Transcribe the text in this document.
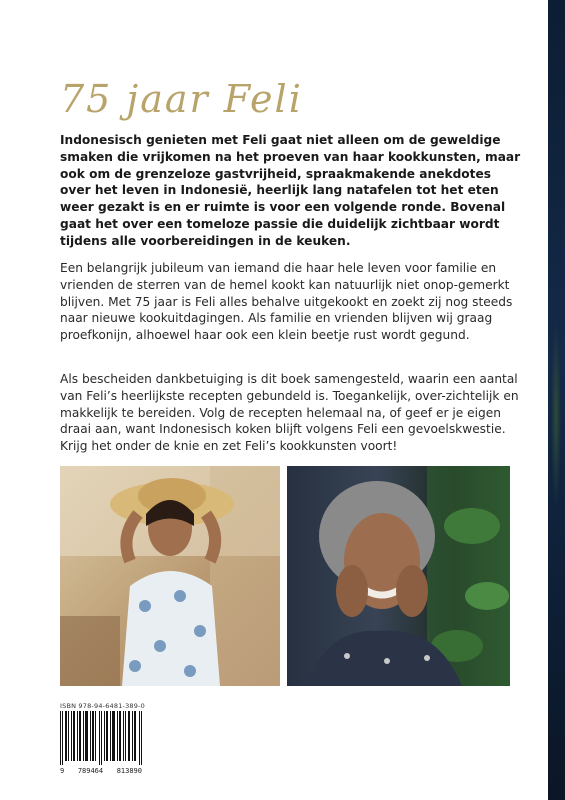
75 jaar Feli

Indonesisch genieten met Feli gaat niet alleen om de geweldige smaken die vrijkomen na het proeven van haar kookkunsten, maar ook om de grenzeloze gastvrijheid, spraakmakende anekdotes over het leven in Indonesië, heerlijk lang natafelen tot het eten weer gezakt is en er ruimte is voor een volgende ronde. Bovenal gaat het over een tomeloze passie die duidelijk zichtbaar wordt tijdens alle voorbereidingen in de keuken.

Een belangrijk jubileum van iemand die haar hele leven voor familie en vrienden de sterren van de hemel kookt kan natuurlijk niet onop-gemerkt blijven. Met 75 jaar is Feli alles behalve uitgekookt en zoekt zij nog steeds naar nieuwe kookuitdagingen. Als familie en vrienden blijven wij graag proefkonijn, alhoewel haar ook een klein beetje rust wordt gegund.

Als bescheiden dankbetuiging is dit boek samengesteld, waarin een aantal van Feli’s heerlijkste recepten gebundeld is. Toegankelijk, over-zichtelijk en makkelijk te bereiden. Volg de recepten helemaal na, of geef er je eigen draai aan, want Indonesisch koken blijft volgens Feli een gevoelskwestie. Krijg het onder de knie en zet Feli’s kookkunsten voort!

ISBN 978-94-6481-389-0
9 789464 813890
